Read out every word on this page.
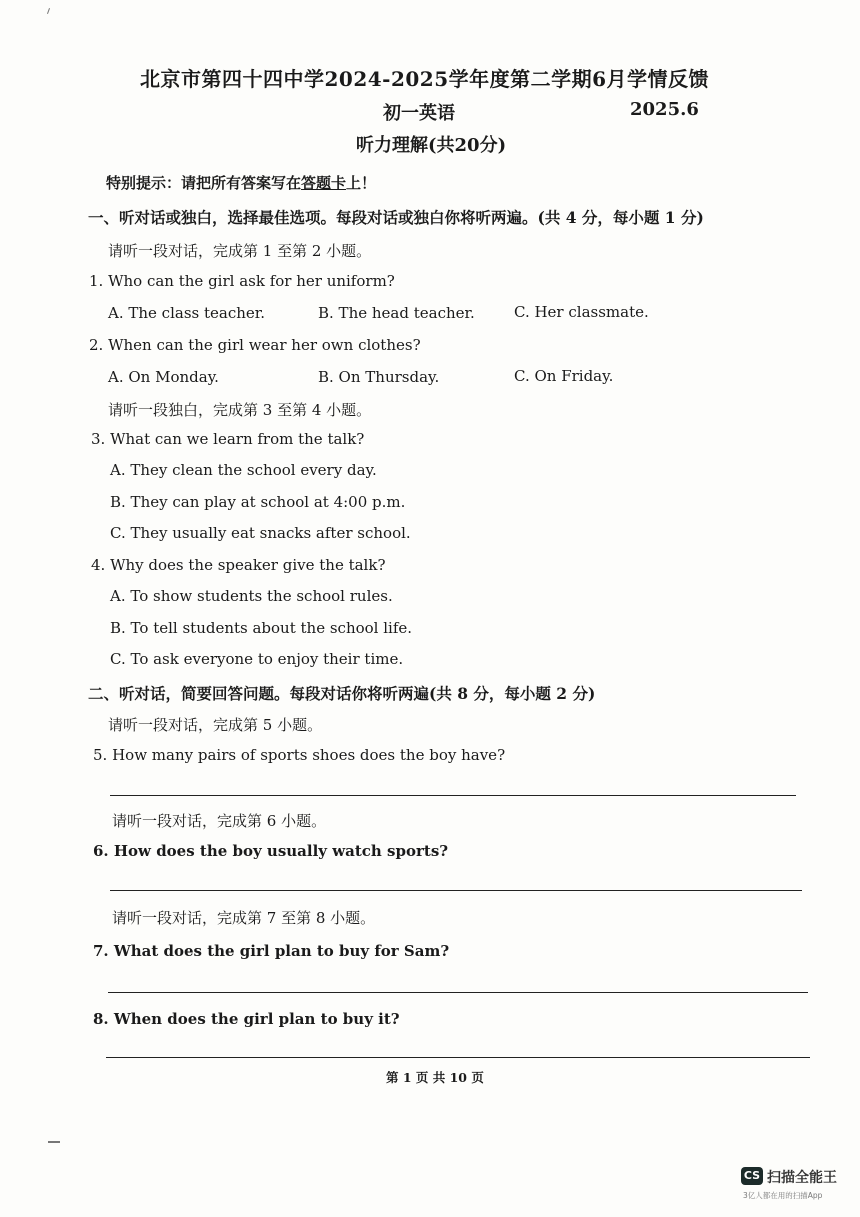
北京市第四十四中学2024-2025学年度第二学期6月学情反馈
初一英语	2025.6
听力理解(共20分)
特别提示：请把所有答案写在答题卡上！
一、听对话或独白，选择最佳选项。每段对话或独白你将听两遍。(共 4 分，每小题 1 分)
请听一段对话，完成第 1 至第 2 小题。
1. Who can the girl ask for her uniform?
A. The class teacher.	B. The head teacher.	C. Her classmate.
2. When can the girl wear her own clothes?
A. On Monday.	B. On Thursday.	C. On Friday.
请听一段独白，完成第 3 至第 4 小题。
3. What can we learn from the talk?
A. They clean the school every day.
B. They can play at school at 4:00 p.m.
C. They usually eat snacks after school.
4. Why does the speaker give the talk?
A. To show students the school rules.
B. To tell students about the school life.
C. To ask everyone to enjoy their time.
二、听对话，简要回答问题。每段对话你将听两遍(共 8 分，每小题 2 分)
请听一段对话，完成第 5 小题。
5. How many pairs of sports shoes does the boy have?
请听一段对话，完成第 6 小题。
6. How does the boy usually watch sports?
请听一段对话，完成第 7 至第 8 小题。
7. What does the girl plan to buy for Sam?
8. When does the girl plan to buy it?
第 1 页 共 10 页
CS 扫描全能王
3亿人都在用的扫描App
